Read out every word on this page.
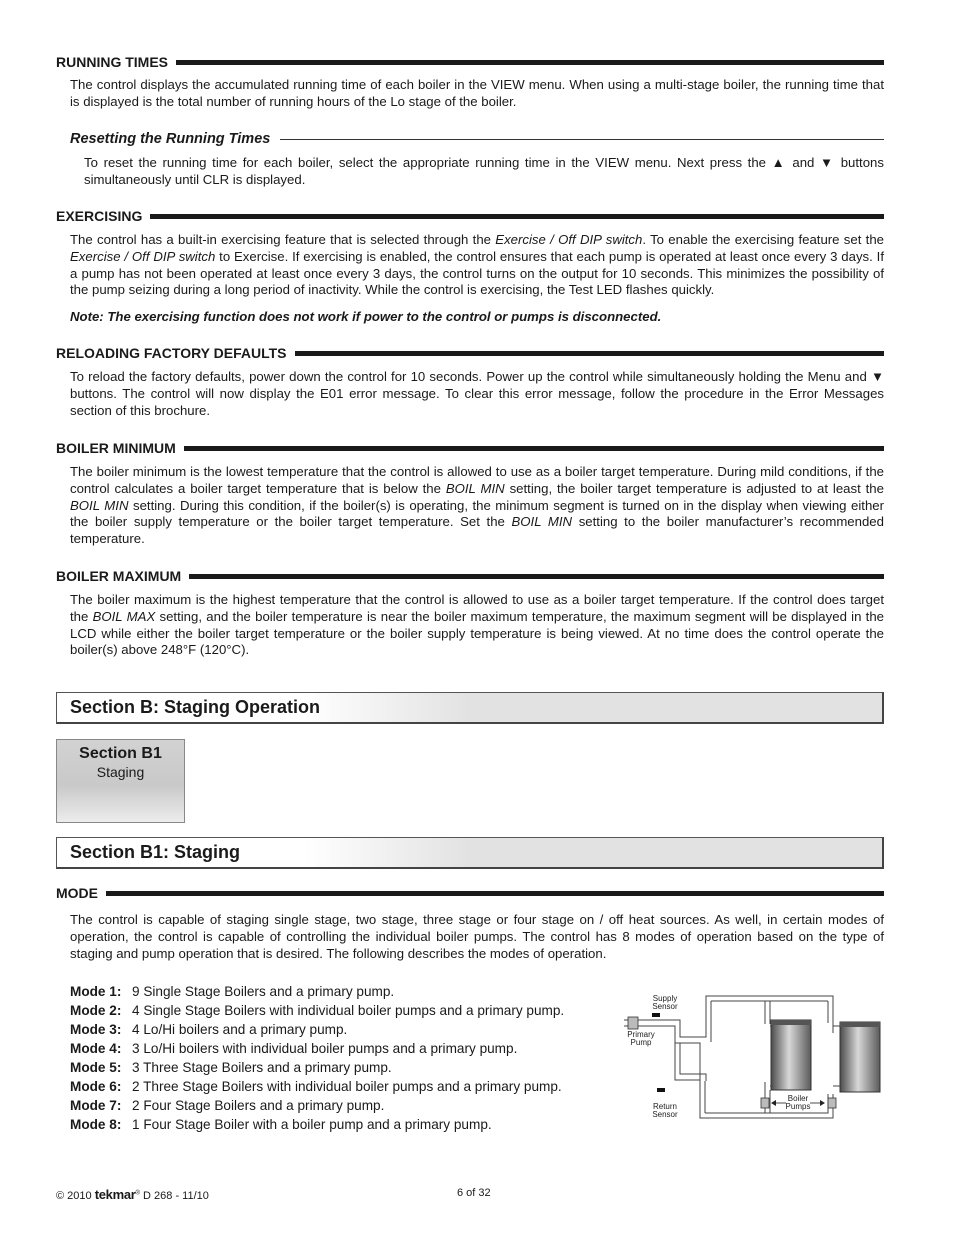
RUNNING TIMES

The control displays the accumulated running time of each boiler in the VIEW menu. When using a multi-stage boiler, the running time that is displayed is the total number of running hours of the Lo stage of the boiler.

Resetting the Running Times

To reset the running time for each boiler, select the appropriate running time in the VIEW menu. Next press the ▲ and ▼ buttons simultaneously until CLR is displayed.

EXERCISING

The control has a built-in exercising feature that is selected through the Exercise / Off DIP switch. To enable the exercising feature set the Exercise / Off DIP switch to Exercise. If exercising is enabled, the control ensures that each pump is operated at least once every 3 days. If a pump has not been operated at least once every 3 days, the control turns on the output for 10 seconds. This minimizes the possibility of the pump seizing during a long period of inactivity. While the control is exercising, the Test LED flashes quickly.

Note: The exercising function does not work if power to the control or pumps is disconnected.

RELOADING FACTORY DEFAULTS

To reload the factory defaults, power down the control for 10 seconds. Power up the control while simultaneously holding the Menu and ▼ buttons. The control will now display the E01 error message. To clear this error message, follow the procedure in the Error Messages section of this brochure.

BOILER MINIMUM

The boiler minimum is the lowest temperature that the control is allowed to use as a boiler target temperature. During mild conditions, if the control calculates a boiler target temperature that is below the BOIL MIN setting, the boiler target temperature is adjusted to at least the BOIL MIN setting. During this condition, if the boiler(s) is operating, the minimum segment is turned on in the display when viewing either the boiler supply temperature or the boiler target temperature. Set the BOIL MIN setting to the boiler manufacturer’s recommended temperature.

BOILER MAXIMUM

The boiler maximum is the highest temperature that the control is allowed to use as a boiler target temperature. If the control does target the BOIL MAX setting, and the boiler temperature is near the boiler maximum temperature, the maximum segment will be displayed in the LCD while either the boiler target temperature or the boiler supply temperature is being viewed. At no time does the control operate the boiler(s) above 248°F (120°C).

Section B: Staging Operation
Section B1
Staging
Section B1: Staging
MODE

The control is capable of staging single stage, two stage, three stage or four stage on / off heat sources. As well, in certain modes of operation, the control is capable of controlling the individual boiler pumps. The control has 8 modes of operation based on the type of staging and pump operation that is desired. The following describes the modes of operation.

Mode 1: 9 Single Stage Boilers and a primary pump.
Mode 2: 4 Single Stage Boilers with individual boiler pumps and a primary pump.
Mode 3: 4 Lo/Hi boilers and a primary pump.
Mode 4: 3 Lo/Hi boilers with individual boiler pumps and a primary pump.
Mode 5: 3 Three Stage Boilers and a primary pump.
Mode 6: 2 Three Stage Boilers with individual boiler pumps and a primary pump.
Mode 7: 2 Four Stage Boilers and a primary pump.
Mode 8: 1 Four Stage Boiler with a boiler pump and a primary pump.
Supply
Sensor
Primary
Pump
Return
Sensor
Boiler
Pumps
© 2010 tekmar® D 268 - 11/10	6 of 32
